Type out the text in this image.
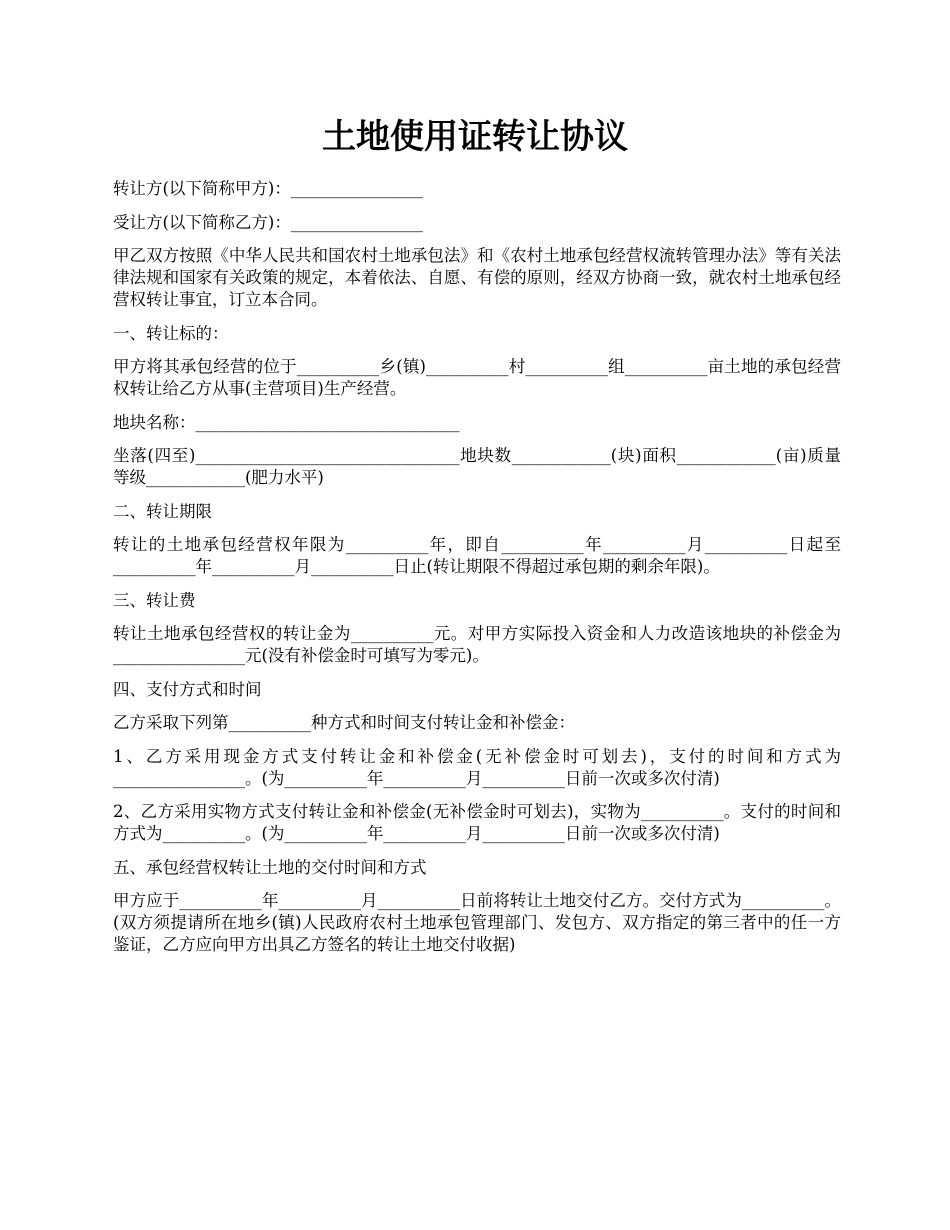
土地使用证转让协议

转让方(以下简称甲方)：________________

受让方(以下简称乙方)：________________

甲乙双方按照《中华人民共和国农村土地承包法》和《农村土地承包经营权流转管理办法》等有关法律法规和国家有关政策的规定，本着依法、自愿、有偿的原则，经双方协商一致，就农村土地承包经营权转让事宜，订立本合同。

一、转让标的：

甲方将其承包经营的位于__________乡(镇)__________村__________组__________亩土地的承包经营权转让给乙方从事(主营项目)生产经营。

地块名称：________________________________

坐落(四至)________________________________地块数____________(块)面积____________(亩)质量等级____________(肥力水平)

二、转让期限

转让的土地承包经营权年限为__________年，即自__________年__________月__________日起至__________年__________月__________日止(转让期限不得超过承包期的剩余年限)。

三、转让费

转让土地承包经营权的转让金为__________元。对甲方实际投入资金和人力改造该地块的补偿金为________________元(没有补偿金时可填写为零元)。

四、支付方式和时间

乙方采取下列第__________种方式和时间支付转让金和补偿金：

1、乙方采用现金方式支付转让金和补偿金(无补偿金时可划去)，支付的时间和方式为________________。(为__________年__________月__________日前一次或多次付清)

2、乙方采用实物方式支付转让金和补偿金(无补偿金时可划去)，实物为__________。支付的时间和方式为__________。(为__________年__________月__________日前一次或多次付清)

五、承包经营权转让土地的交付时间和方式

甲方应于__________年__________月__________日前将转让土地交付乙方。交付方式为__________。(双方须提请所在地乡(镇)人民政府农村土地承包管理部门、发包方、双方指定的第三者中的任一方鉴证，乙方应向甲方出具乙方签名的转让土地交付收据)
